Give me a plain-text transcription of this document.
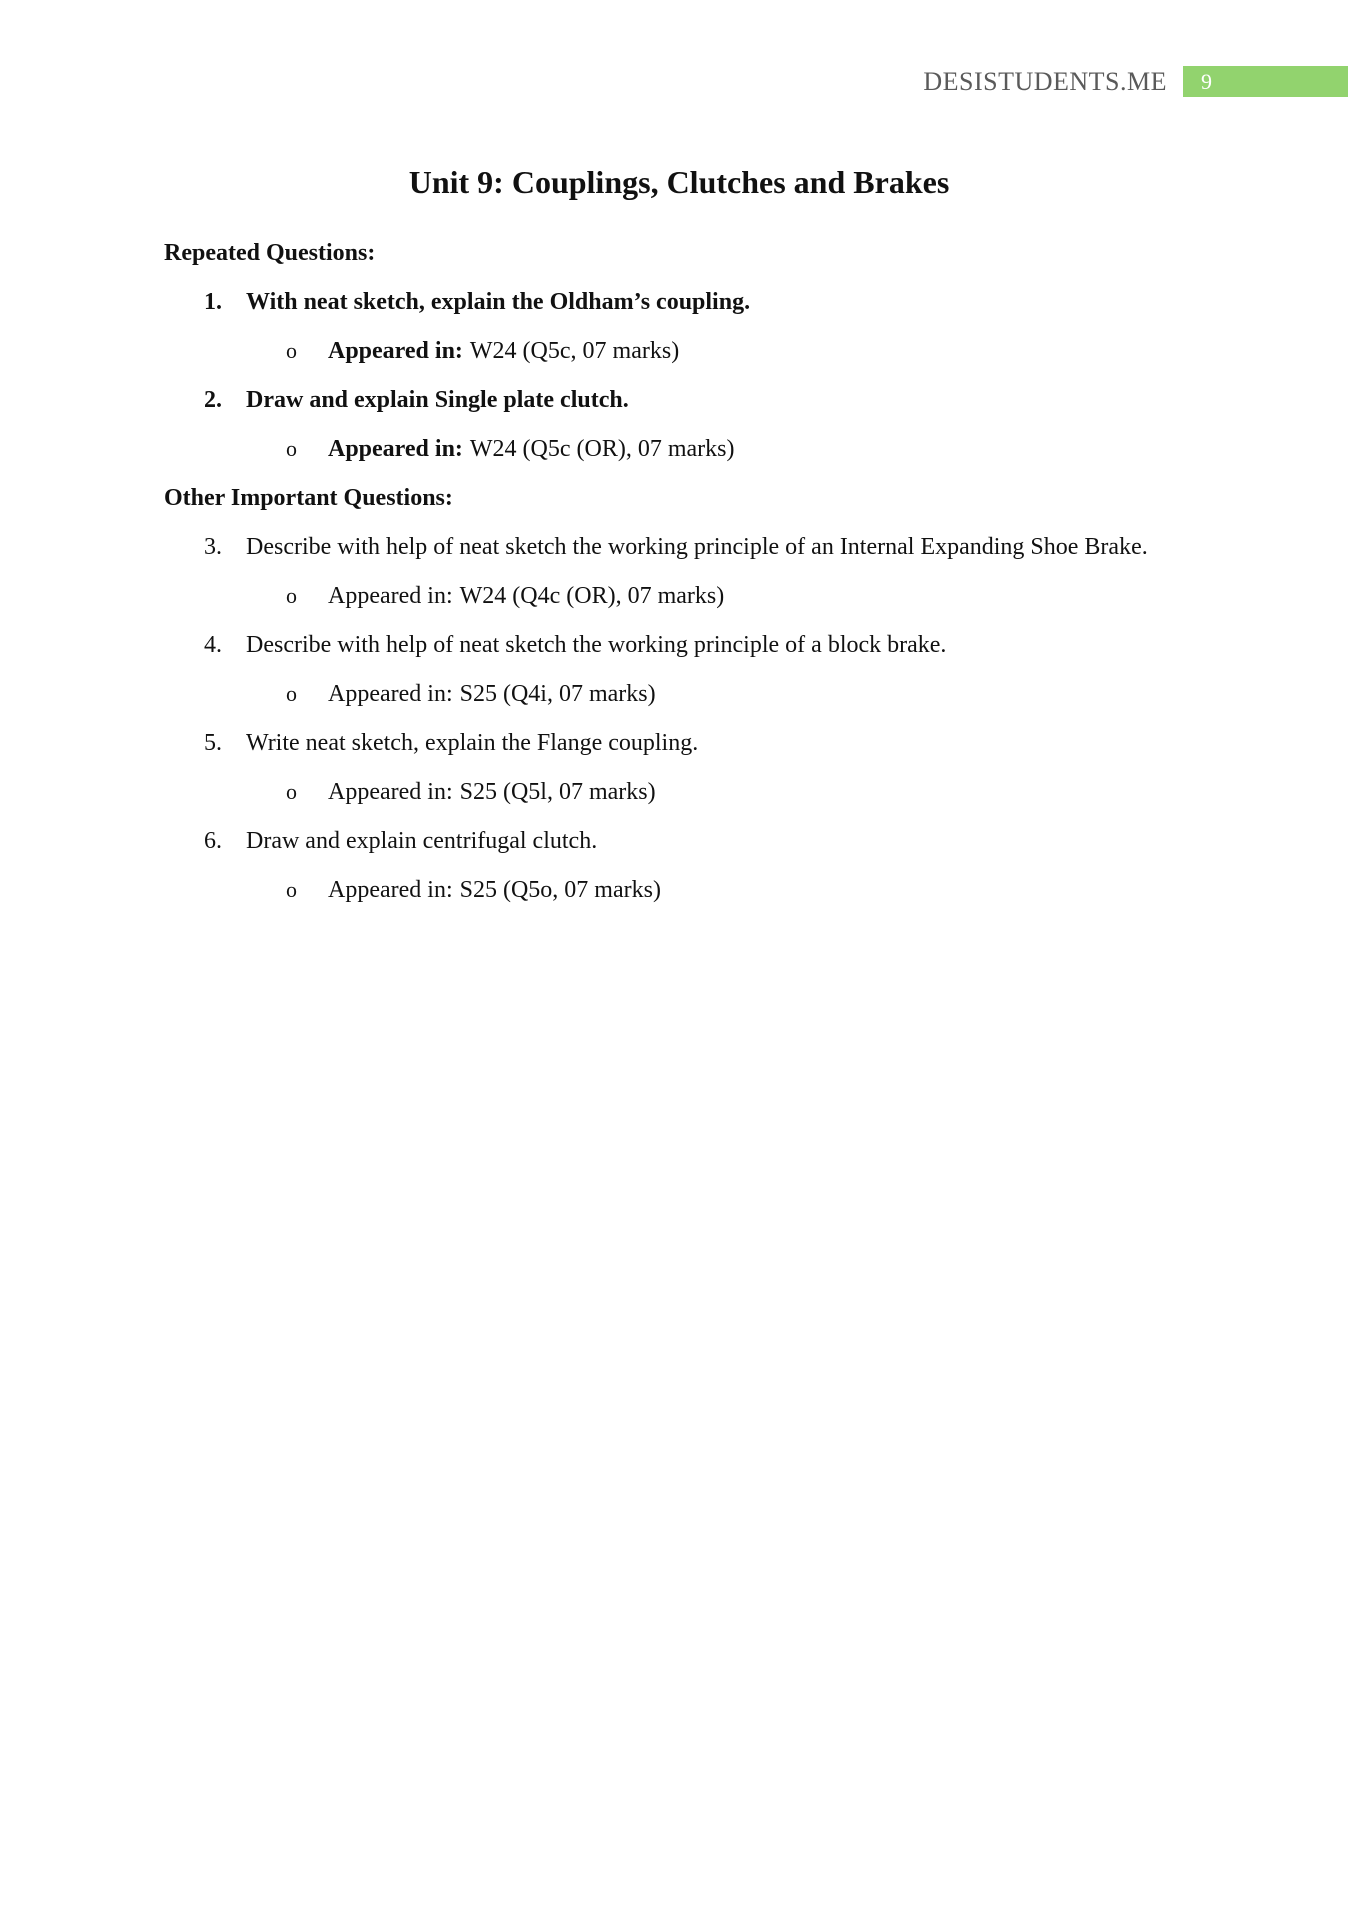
DESISTUDENTS.ME	9
Unit 9: Couplings, Clutches and Brakes
Repeated Questions:
1.	With neat sketch, explain the Oldham’s coupling.
o	Appeared in: W24 (Q5c, 07 marks)
2.	Draw and explain Single plate clutch.
o	Appeared in: W24 (Q5c (OR), 07 marks)
Other Important Questions:
3.	Describe with help of neat sketch the working principle of an Internal Expanding Shoe Brake.
o	Appeared in: W24 (Q4c (OR), 07 marks)
4.	Describe with help of neat sketch the working principle of a block brake.
o	Appeared in: S25 (Q4i, 07 marks)
5.	Write neat sketch, explain the Flange coupling.
o	Appeared in: S25 (Q5l, 07 marks)
6.	Draw and explain centrifugal clutch.
o	Appeared in: S25 (Q5o, 07 marks)
